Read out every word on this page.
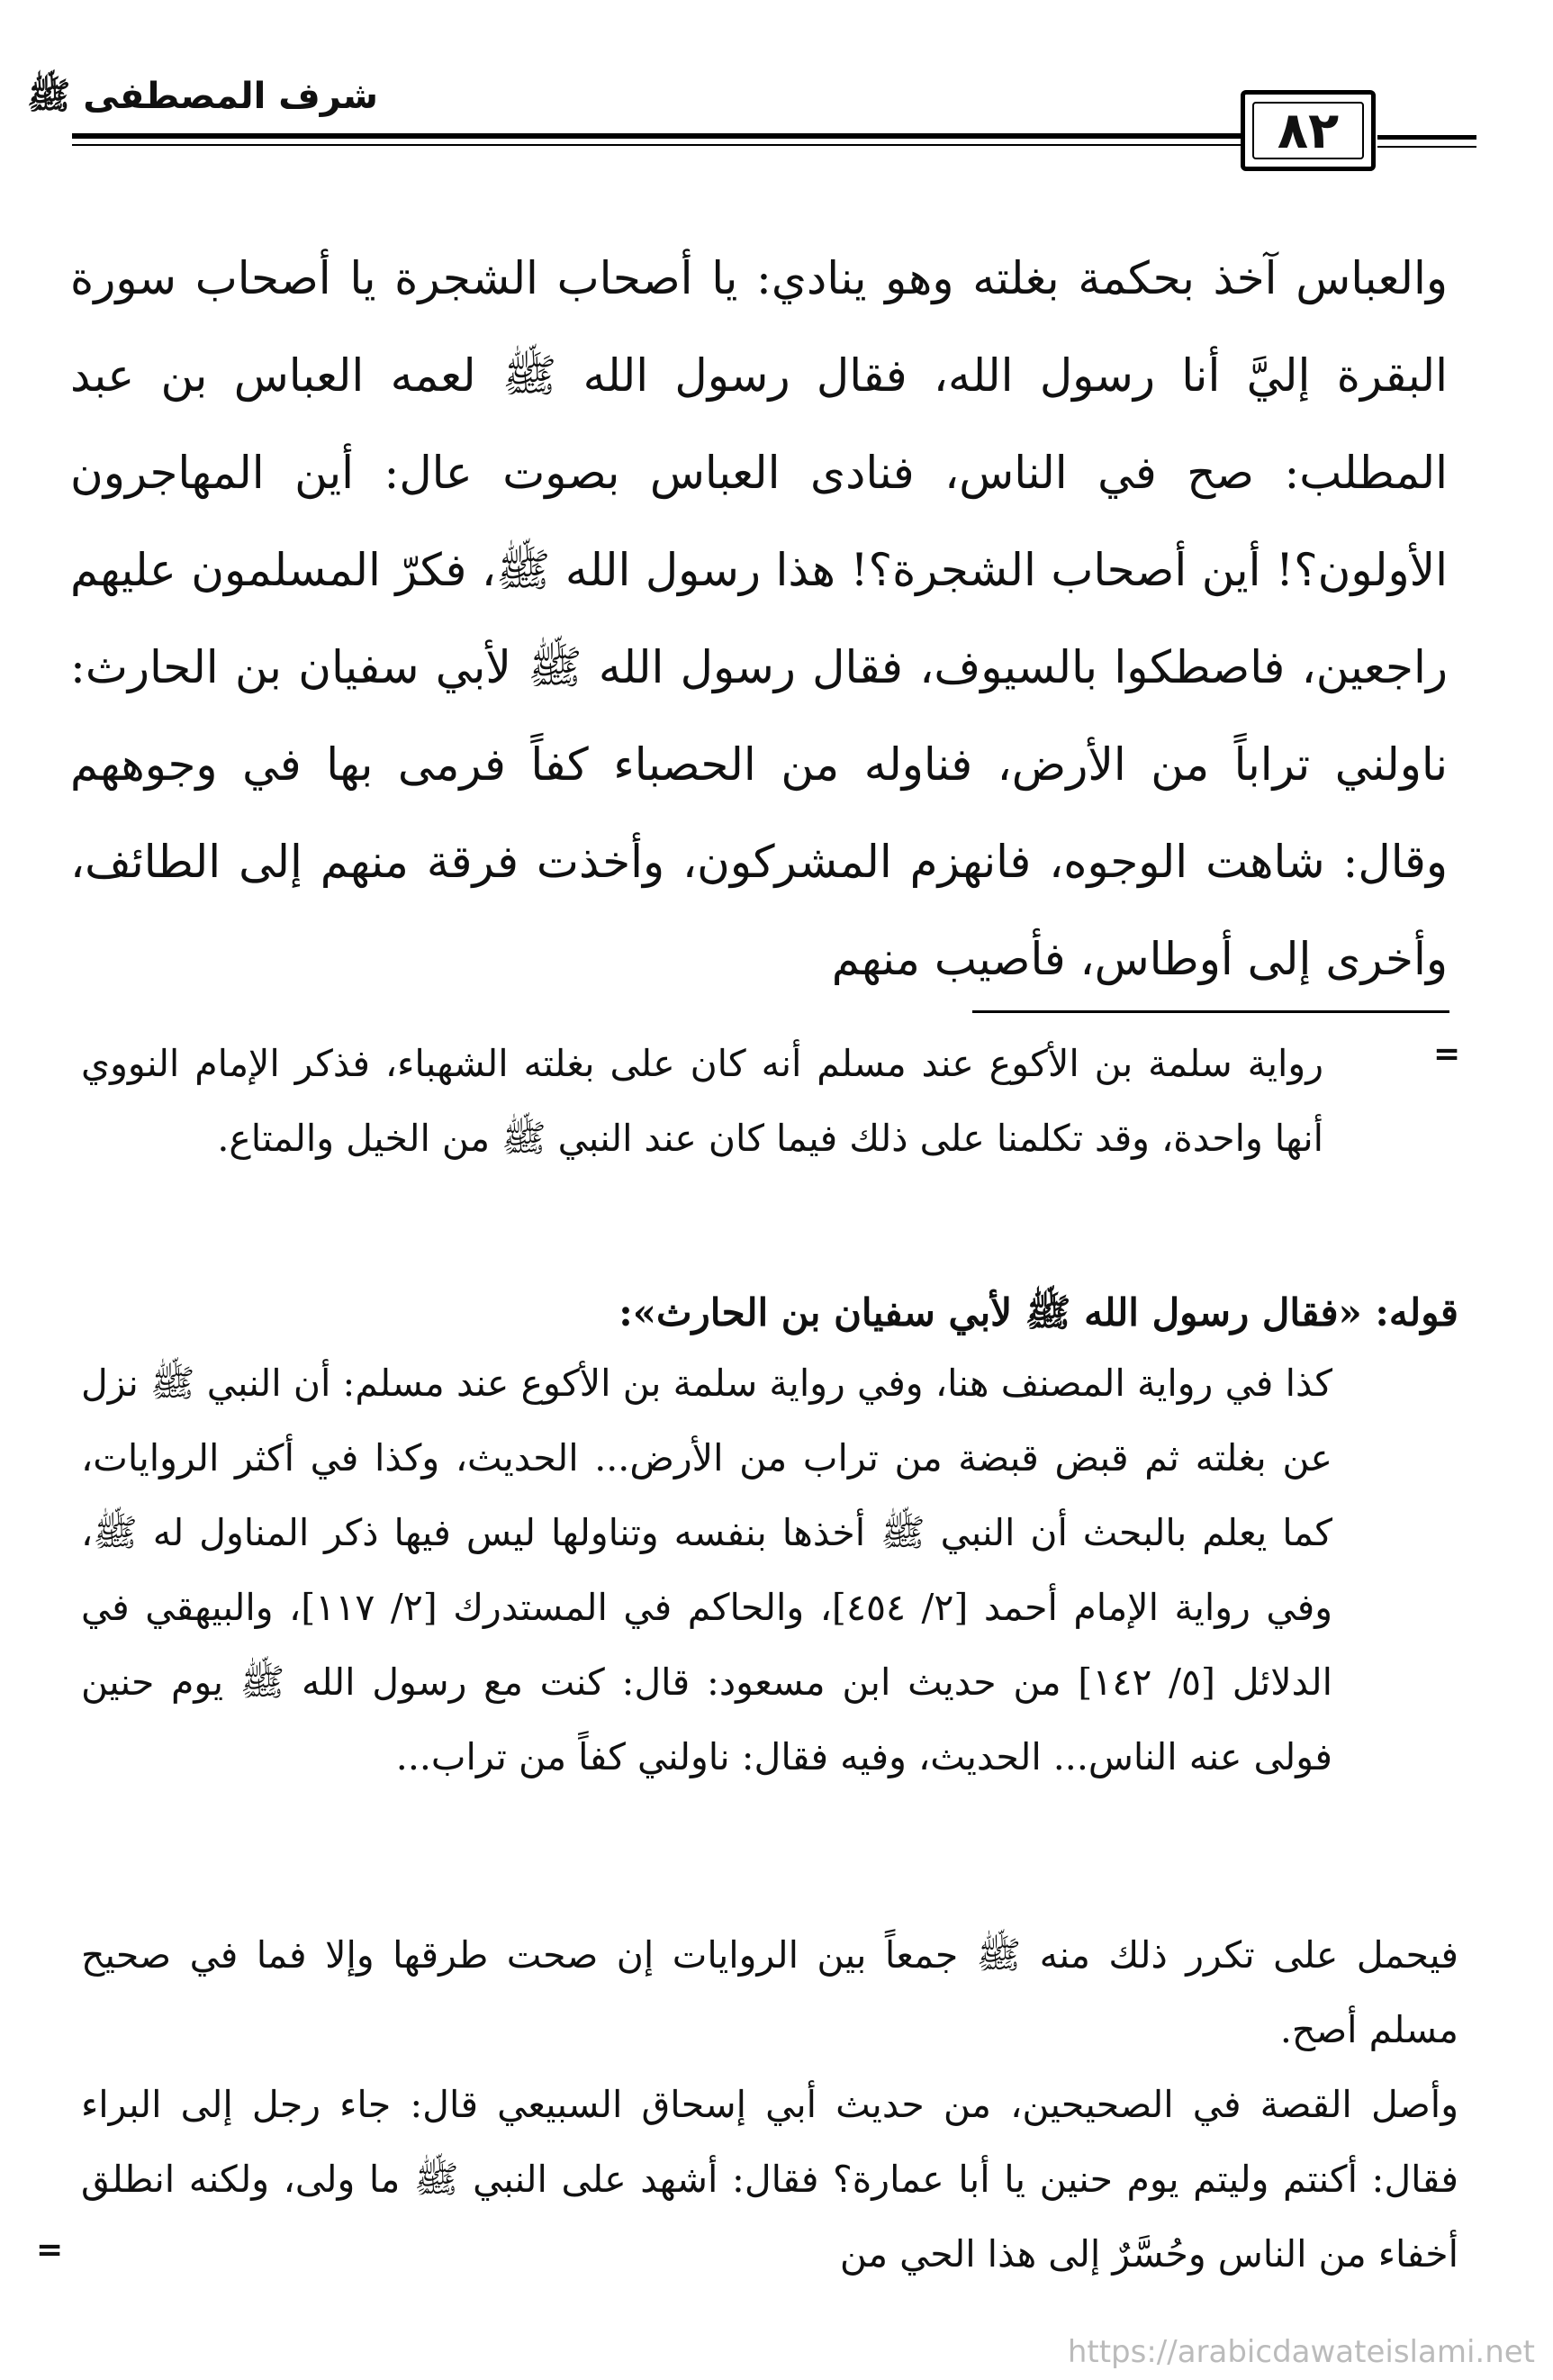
شرف المصطفى ﷺ
٨٢

والعباس آخذ بحكمة بغلته وهو ينادي: يا أصحاب الشجرة يا أصحاب سورة البقرة إليَّ أنا رسول الله، فقال رسول الله ﷺ لعمه العباس بن عبد المطلب: صح في الناس، فنادى العباس بصوت عال: أين المهاجرون الأولون؟! أين أصحاب الشجرة؟! هذا رسول الله ﷺ، فكرّ المسلمون عليهم راجعين، فاصطكوا بالسيوف، فقال رسول الله ﷺ لأبي سفيان بن الحارث: ناولني تراباً من الأرض، فناوله من الحصباء كفاً فرمى بها في وجوههم وقال: شاهت الوجوه، فانهزم المشركون، وأخذت فرقة منهم إلى الطائف، وأخرى إلى أوطاس، فأصيب منهم

=

رواية سلمة بن الأكوع عند مسلم أنه كان على بغلته الشهباء، فذكر الإمام النووي أنها واحدة، وقد تكلمنا على ذلك فيما كان عند النبي ﷺ من الخيل والمتاع.

قوله: «فقال رسول الله ﷺ لأبي سفيان بن الحارث»:

كذا في رواية المصنف هنا، وفي رواية سلمة بن الأكوع عند مسلم: أن النبي ﷺ نزل عن بغلته ثم قبض قبضة من تراب من الأرض... الحديث، وكذا في أكثر الروايات، كما يعلم بالبحث أن النبي ﷺ أخذها بنفسه وتناولها ليس فيها ذكر المناول له ﷺ، وفي رواية الإمام أحمد [٢/ ٤٥٤]، والحاكم في المستدرك [٢/ ١١٧]، والبيهقي في الدلائل [٥/ ١٤٢] من حديث ابن مسعود: قال: كنت مع رسول الله ﷺ يوم حنين فولى عنه الناس... الحديث، وفيه فقال: ناولني كفاً من تراب...

فيحمل على تكرر ذلك منه ﷺ جمعاً بين الروايات إن صحت طرقها وإلا فما في صحيح مسلم أصح.

وأصل القصة في الصحيحين، من حديث أبي إسحاق السبيعي قال: جاء رجل إلى البراء فقال: أكنتم وليتم يوم حنين يا أبا عمارة؟ فقال: أشهد على النبي ﷺ ما ولى، ولكنه انطلق أخفاء من الناس وحُسَّرٌ إلى هذا الحي من

=
https://arabicdawateislami.net
